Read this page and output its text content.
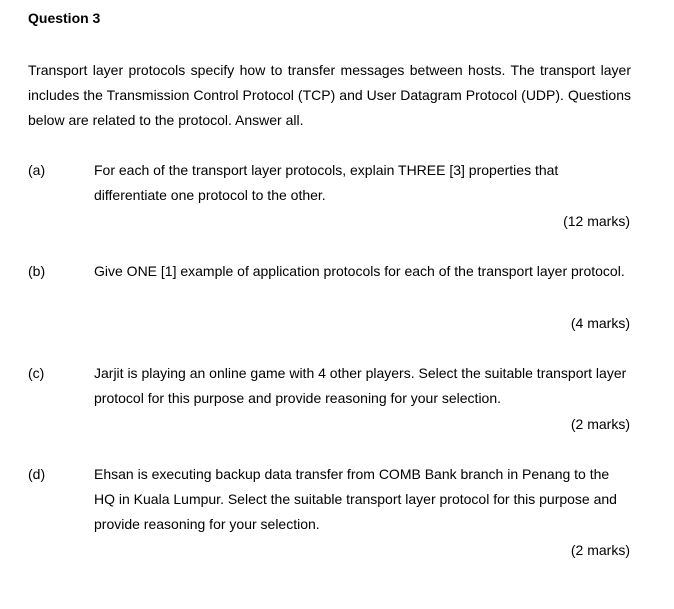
Question 3
Transport layer protocols specify how to transfer messages between hosts. The transport layer includes the Transmission Control Protocol (TCP) and User Datagram Protocol (UDP). Questions below are related to the protocol. Answer all.
(a)	For each of the transport layer protocols, explain THREE [3] properties that differentiate one protocol to the other.
(12 marks)
(b)	Give ONE [1] example of application protocols for each of the transport layer protocol.
(4 marks)
(c)	Jarjit is playing an online game with 4 other players. Select the suitable transport layer protocol for this purpose and provide reasoning for your selection.
(2 marks)
(d)	Ehsan is executing backup data transfer from COMB Bank branch in Penang to the HQ in Kuala Lumpur. Select the suitable transport layer protocol for this purpose and provide reasoning for your selection.
(2 marks)
